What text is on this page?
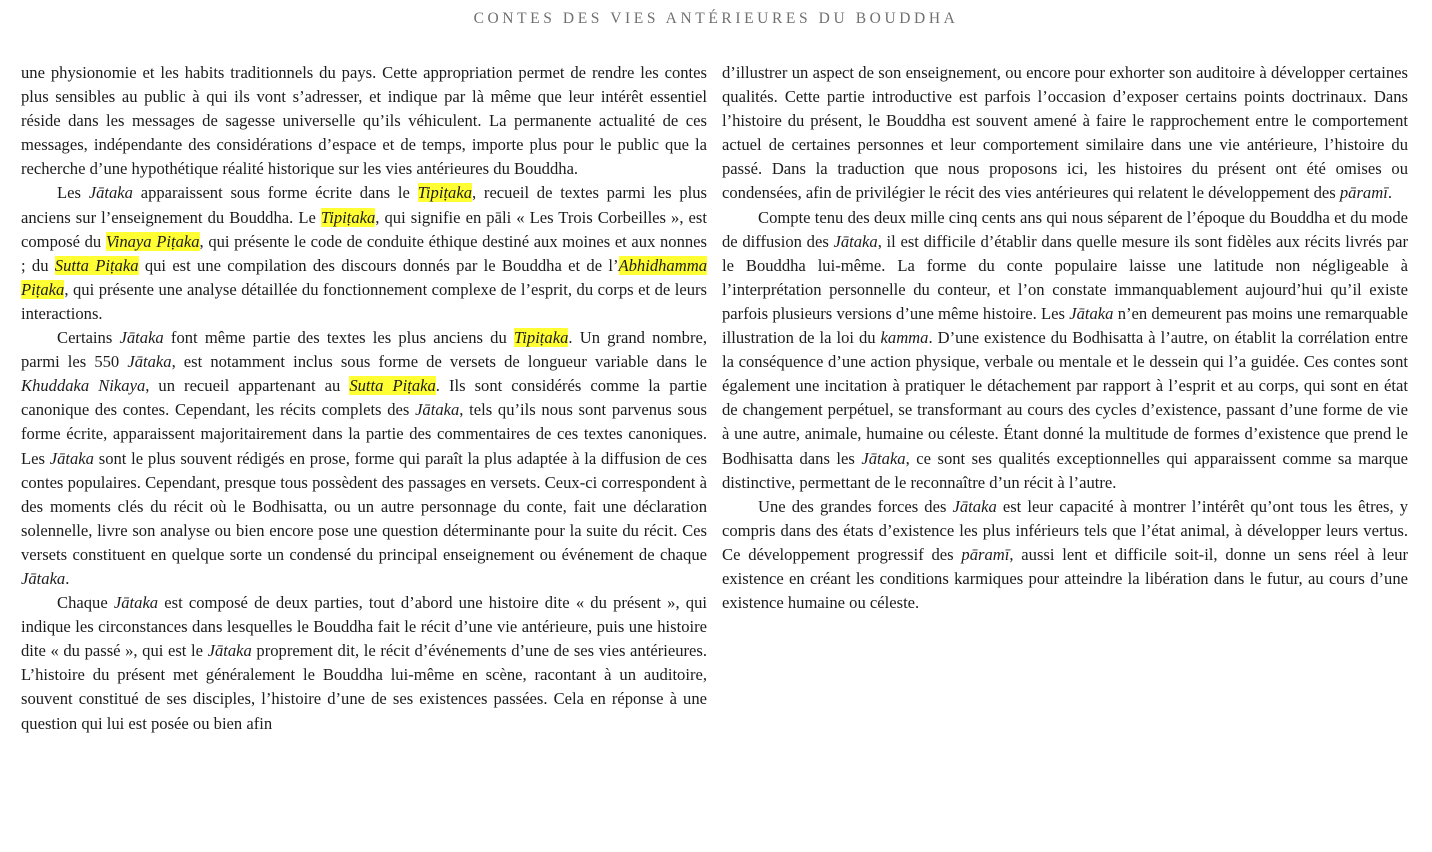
CONTES DES VIES ANTÉRIEURES DU BOUDDHA

une physionomie et les habits traditionnels du pays. Cette appropriation permet de rendre les contes plus sensibles au public à qui ils vont s’adresser, et indique par là même que leur intérêt essentiel réside dans les messages de sagesse universelle qu’ils véhiculent. La permanente actualité de ces messages, indépendante des considérations d’espace et de temps, importe plus pour le public que la recherche d’une hypothétique réalité historique sur les vies antérieures du Bouddha.

Les Jātaka apparaissent sous forme écrite dans le Tipiṭaka, recueil de textes parmi les plus anciens sur l’enseignement du Bouddha. Le Tipiṭaka, qui signifie en pāli « Les Trois Corbeilles », est composé du Vinaya Piṭaka, qui présente le code de conduite éthique destiné aux moines et aux nonnes ; du Sutta Piṭaka qui est une compilation des discours donnés par le Bouddha et de l’Abhidhamma Piṭaka, qui présente une analyse détaillée du fonctionnement complexe de l’esprit, du corps et de leurs interactions.

Certains Jātaka font même partie des textes les plus anciens du Tipiṭaka. Un grand nombre, parmi les 550 Jātaka, est notamment inclus sous forme de versets de longueur variable dans le Khuddaka Nikaya, un recueil appartenant au Sutta Piṭaka. Ils sont considérés comme la partie canonique des contes. Cependant, les récits complets des Jātaka, tels qu’ils nous sont parvenus sous forme écrite, apparaissent majoritairement dans la partie des commentaires de ces textes canoniques. Les Jātaka sont le plus souvent rédigés en prose, forme qui paraît la plus adaptée à la diffusion de ces contes populaires. Cependant, presque tous possèdent des passages en versets. Ceux-ci correspondent à des moments clés du récit où le Bodhisatta, ou un autre personnage du conte, fait une déclaration solennelle, livre son analyse ou bien encore pose une question déterminante pour la suite du récit. Ces versets constituent en quelque sorte un condensé du principal enseignement ou événement de chaque Jātaka.

Chaque Jātaka est composé de deux parties, tout d’abord une histoire dite « du présent », qui indique les circonstances dans lesquelles le Bouddha fait le récit d’une vie antérieure, puis une histoire dite « du passé », qui est le Jātaka proprement dit, le récit d’événements d’une de ses vies antérieures. L’histoire du présent met généralement le Bouddha lui-même en scène, racontant à un auditoire, souvent constitué de ses disciples, l’histoire d’une de ses existences passées. Cela en réponse à une question qui lui est posée ou bien afin

d’illustrer un aspect de son enseignement, ou encore pour exhorter son auditoire à développer certaines qualités. Cette partie introductive est parfois l’occasion d’exposer certains points doctrinaux. Dans l’histoire du présent, le Bouddha est souvent amené à faire le rapprochement entre le comportement actuel de certaines personnes et leur comportement similaire dans une vie antérieure, l’histoire du passé. Dans la traduction que nous proposons ici, les histoires du présent ont été omises ou condensées, afin de privilégier le récit des vies antérieures qui relatent le développement des pāramī.

Compte tenu des deux mille cinq cents ans qui nous séparent de l’époque du Bouddha et du mode de diffusion des Jātaka, il est difficile d’établir dans quelle mesure ils sont fidèles aux récits livrés par le Bouddha lui-même. La forme du conte populaire laisse une latitude non négligeable à l’interprétation personnelle du conteur, et l’on constate immanquablement aujourd’hui qu’il existe parfois plusieurs versions d’une même histoire. Les Jātaka n’en demeurent pas moins une remarquable illustration de la loi du kamma. D’une existence du Bodhisatta à l’autre, on établit la corrélation entre la conséquence d’une action physique, verbale ou mentale et le dessein qui l’a guidée. Ces contes sont également une incitation à pratiquer le détachement par rapport à l’esprit et au corps, qui sont en état de changement perpétuel, se transformant au cours des cycles d’existence, passant d’une forme de vie à une autre, animale, humaine ou céleste. Étant donné la multitude de formes d’existence que prend le Bodhisatta dans les Jātaka, ce sont ses qualités exceptionnelles qui apparaissent comme sa marque distinctive, permettant de le reconnaître d’un récit à l’autre.

Une des grandes forces des Jātaka est leur capacité à montrer l’intérêt qu’ont tous les êtres, y compris dans des états d’existence les plus inférieurs tels que l’état animal, à développer leurs vertus. Ce développement progressif des pāramī, aussi lent et difficile soit-il, donne un sens réel à leur existence en créant les conditions karmiques pour atteindre la libération dans le futur, au cours d’une existence humaine ou céleste.
